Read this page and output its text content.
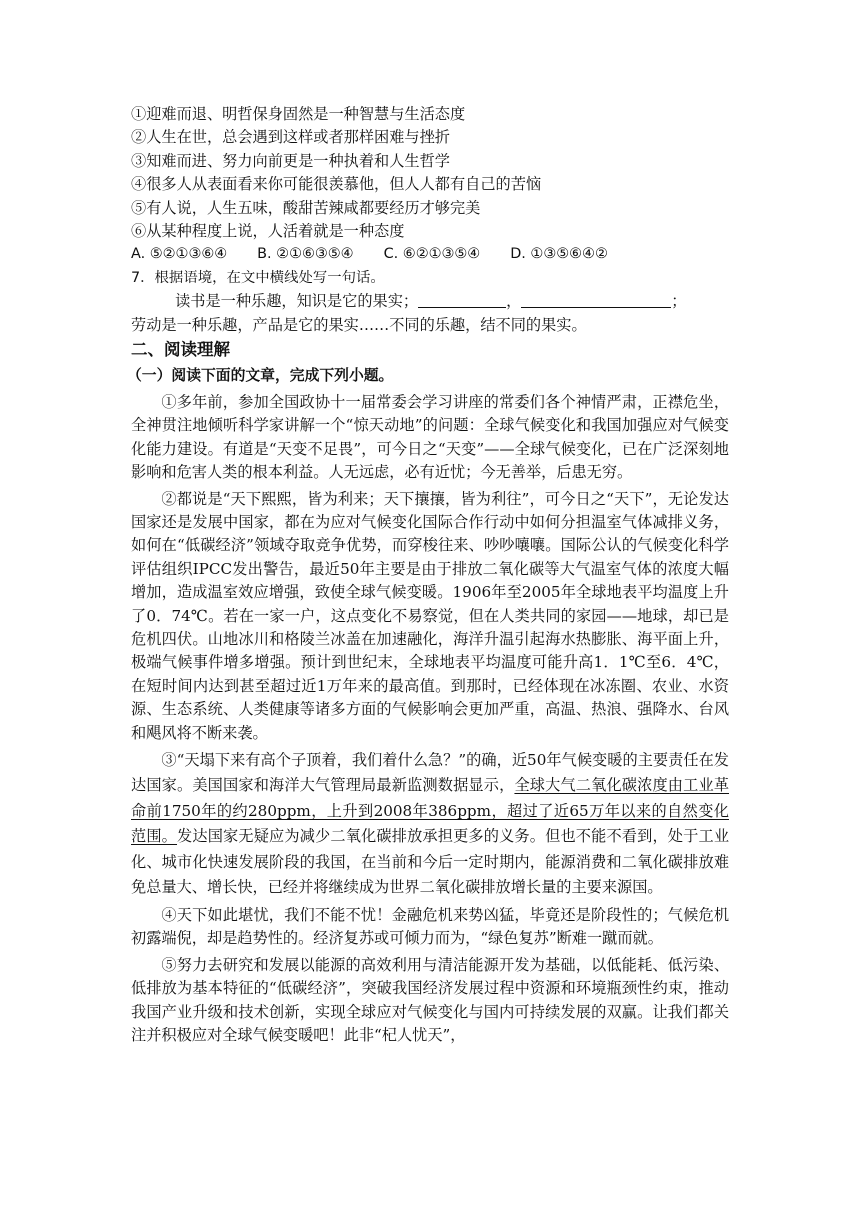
①迎难而退、明哲保身固然是一种智慧与生活态度
②人生在世，总会遇到这样或者那样困难与挫折
③知难而进、努力向前更是一种执着和人生哲学
④很多人从表面看来你可能很羡慕他，但人人都有自己的苦恼
⑤有人说，人生五味，酸甜苦辣咸都要经历才够完美
⑥从某种程度上说，人活着就是一种态度
A. ⑤②①③⑥④ B. ②①⑥③⑤④ C. ⑥②①③⑤④ D. ①③⑤⑥④②
7．根据语境，在文中横线处写一句话。
读书是一种乐趣，知识是它的果实；	，	；
劳动是一种乐趣，产品是它的果实……不同的乐趣，结不同的果实。
二、阅读理解
（一）阅读下面的文章，完成下列小题。

①多年前，参加全国政协十一届常委会学习讲座的常委们各个神情严肃，正襟危坐，全神贯注地倾听科学家讲解一个“惊天动地”的问题：全球气候变化和我国加强应对气候变化能力建设。有道是“天变不足畏”，可今日之“天变”——全球气候变化，已在广泛深刻地影响和危害人类的根本利益。人无远虑，必有近忧；今无善举，后患无穷。

②都说是“天下熙熙，皆为利来；天下攘攘，皆为利往”，可今日之“天下”，无论发达国家还是发展中国家，都在为应对气候变化国际合作行动中如何分担温室气体减排义务，如何在“低碳经济”领域夺取竞争优势，而穿梭往来、吵吵嚷嚷。国际公认的气候变化科学评估组织IPCC发出警告，最近50年主要是由于排放二氧化碳等大气温室气体的浓度大幅增加，造成温室效应增强，致使全球气候变暖。1906年至2005年全球地表平均温度上升了0．74℃。若在一家一户，这点变化不易察觉，但在人类共同的家园——地球，却已是危机四伏。山地冰川和格陵兰冰盖在加速融化，海洋升温引起海水热膨胀、海平面上升，极端气候事件增多增强。预计到世纪末，全球地表平均温度可能升高1．1℃至6．4℃，在短时间内达到甚至超过近1万年来的最高值。到那时，已经体现在冰冻圈、农业、水资源、生态系统、人类健康等诸多方面的气候影响会更加严重，高温、热浪、强降水、台风和飓风将不断来袭。

③“天塌下来有高个子顶着，我们着什么急？”的确，近50年气候变暖的主要责任在发达国家。美国国家和海洋大气管理局最新监测数据显示，全球大气二氧化碳浓度由工业革命前1750年的约280ppm，上升到2008年386ppm，超过了近65万年以来的自然变化范围。发达国家无疑应为减少二氧化碳排放承担更多的义务。但也不能不看到，处于工业化、城市化快速发展阶段的我国，在当前和今后一定时期内，能源消费和二氧化碳排放难免总量大、增长快，已经并将继续成为世界二氧化碳排放增长量的主要来源国。

④天下如此堪忧，我们不能不忧！金融危机来势凶猛，毕竟还是阶段性的；气候危机初露端倪，却是趋势性的。经济复苏或可倾力而为，“绿色复苏”断难一蹴而就。

⑤努力去研究和发展以能源的高效利用与清洁能源开发为基础，以低能耗、低污染、低排放为基本特征的“低碳经济”，突破我国经济发展过程中资源和环境瓶颈性约束，推动我国产业升级和技术创新，实现全球应对气候变化与国内可持续发展的双赢。让我们都关注并积极应对全球气候变暖吧！此非“杞人忧天”，
